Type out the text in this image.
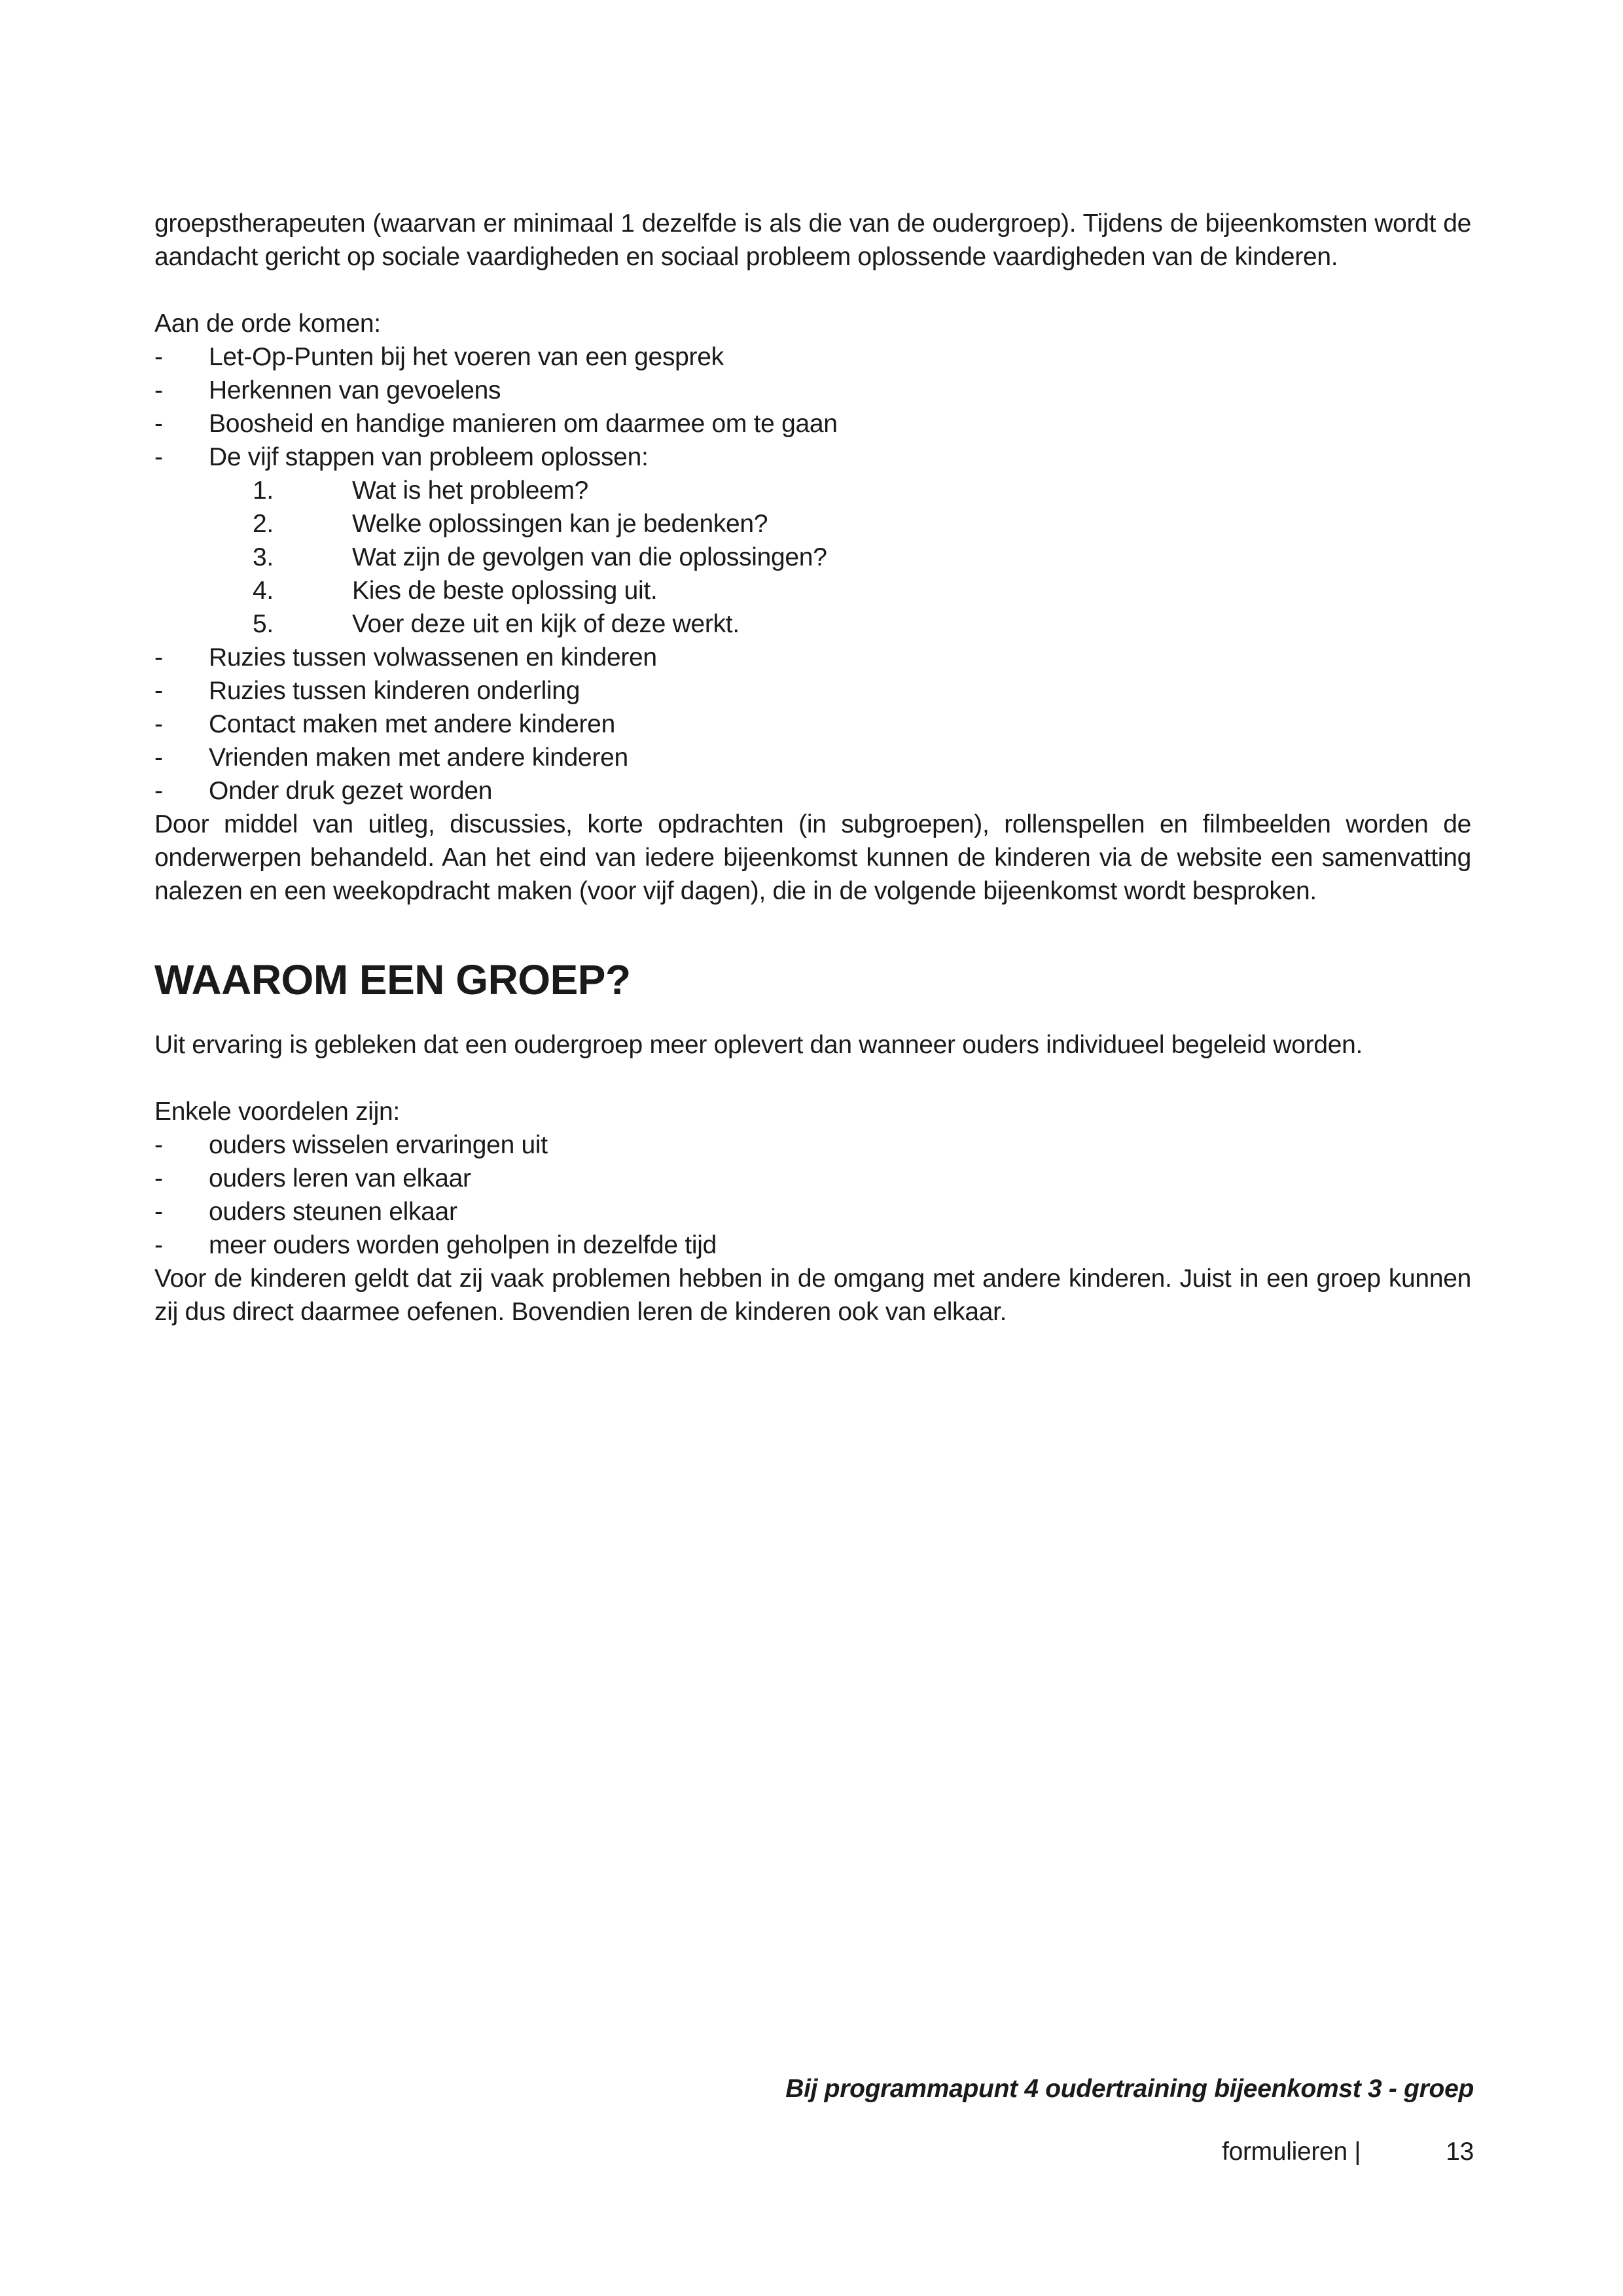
groepstherapeuten (waarvan er minimaal 1 dezelfde is als die van de oudergroep). Tijdens de bijeenkomsten wordt de aandacht gericht op sociale vaardigheden en sociaal probleem oplossende vaardigheden van de kinderen.

Aan de orde komen:

-	Let-Op-Punten bij het voeren van een gesprek
-	Herkennen van gevoelens
-	Boosheid en handige manieren om daarmee om te gaan
-	De vijf stappen van probleem oplossen:
1.	Wat is het probleem?
2.	Welke oplossingen kan je bedenken?
3.	Wat zijn de gevolgen van die oplossingen?
4.	Kies de beste oplossing uit.
5.	Voer deze uit en kijk of deze werkt.
-	Ruzies tussen volwassenen en kinderen
-	Ruzies tussen kinderen onderling
-	Contact maken met andere kinderen
-	Vrienden maken met andere kinderen
-	Onder druk gezet worden

Door middel van uitleg, discussies, korte opdrachten (in subgroepen), rollenspellen en filmbeelden worden de onderwerpen behandeld. Aan het eind van iedere bijeenkomst kunnen de kinderen via de website een samenvatting nalezen en een weekopdracht maken (voor vijf dagen), die in de volgende bijeenkomst wordt besproken.

WAAROM EEN GROEP?

Uit ervaring is gebleken dat een oudergroep meer oplevert dan wanneer ouders individueel begeleid worden.

Enkele voordelen zijn:

-	ouders wisselen ervaringen uit
-	ouders leren van elkaar
-	ouders steunen elkaar
-	meer ouders worden geholpen in dezelfde tijd

Voor de kinderen geldt dat zij vaak problemen hebben in de omgang met andere kinderen. Juist in een groep kunnen zij dus direct daarmee oefenen. Bovendien leren de kinderen ook van elkaar.

Bij programmapunt 4 oudertraining bijeenkomst 3 - groep
formulieren |	13
